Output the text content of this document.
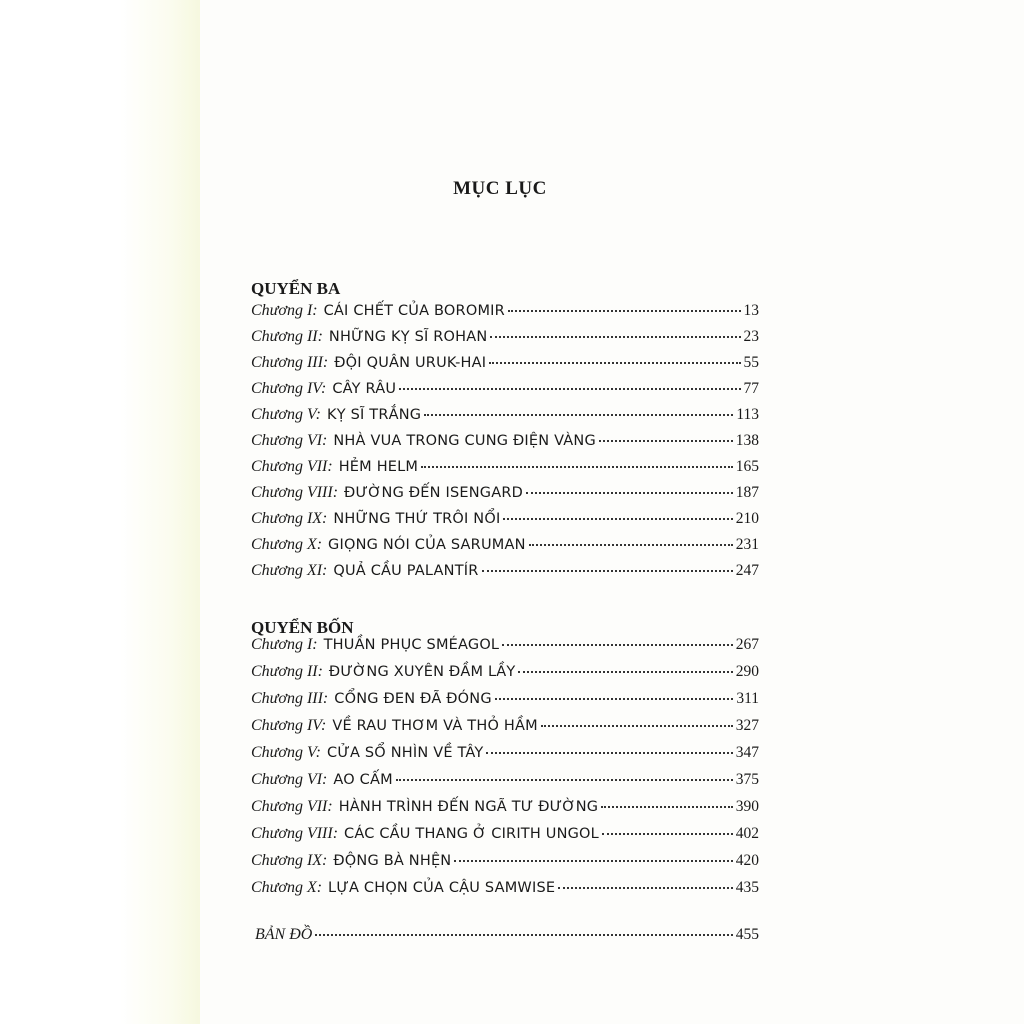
MỤC LỤC
QUYỂN BA
Chương I: CÁI CHẾT CỦA BOROMIR	13
Chương II: NHỮNG KỴ SĨ ROHAN	23
Chương III: ĐỘI QUÂN URUK-HAI	55
Chương IV: CÂY RÂU	77
Chương V: KỴ SĨ TRẮNG	113
Chương VI: NHÀ VUA TRONG CUNG ĐIỆN VÀNG	138
Chương VII: HẺM HELM	165
Chương VIII: ĐƯỜNG ĐẾN ISENGARD	187
Chương IX: NHỮNG THỨ TRÔI NỔI	210
Chương X: GIỌNG NÓI CỦA SARUMAN	231
Chương XI: QUẢ CẦU PALANTÍR	247
QUYỂN BỐN
Chương I: THUẦN PHỤC SMÉAGOL	267
Chương II: ĐƯỜNG XUYÊN ĐẦM LẦY	290
Chương III: CỔNG ĐEN ĐÃ ĐÓNG	311
Chương IV: VỀ RAU THƠM VÀ THỎ HẦM	327
Chương V: CỬA SỔ NHÌN VỀ TÂY	347
Chương VI: AO CẤM	375
Chương VII: HÀNH TRÌNH ĐẾN NGÃ TƯ ĐƯỜNG	390
Chương VIII: CÁC CẦU THANG Ở CIRITH UNGOL	402
Chương IX: ĐỘNG BÀ NHỆN	420
Chương X: LỰA CHỌN CỦA CẬU SAMWISE	435
BẢN ĐỒ	455
